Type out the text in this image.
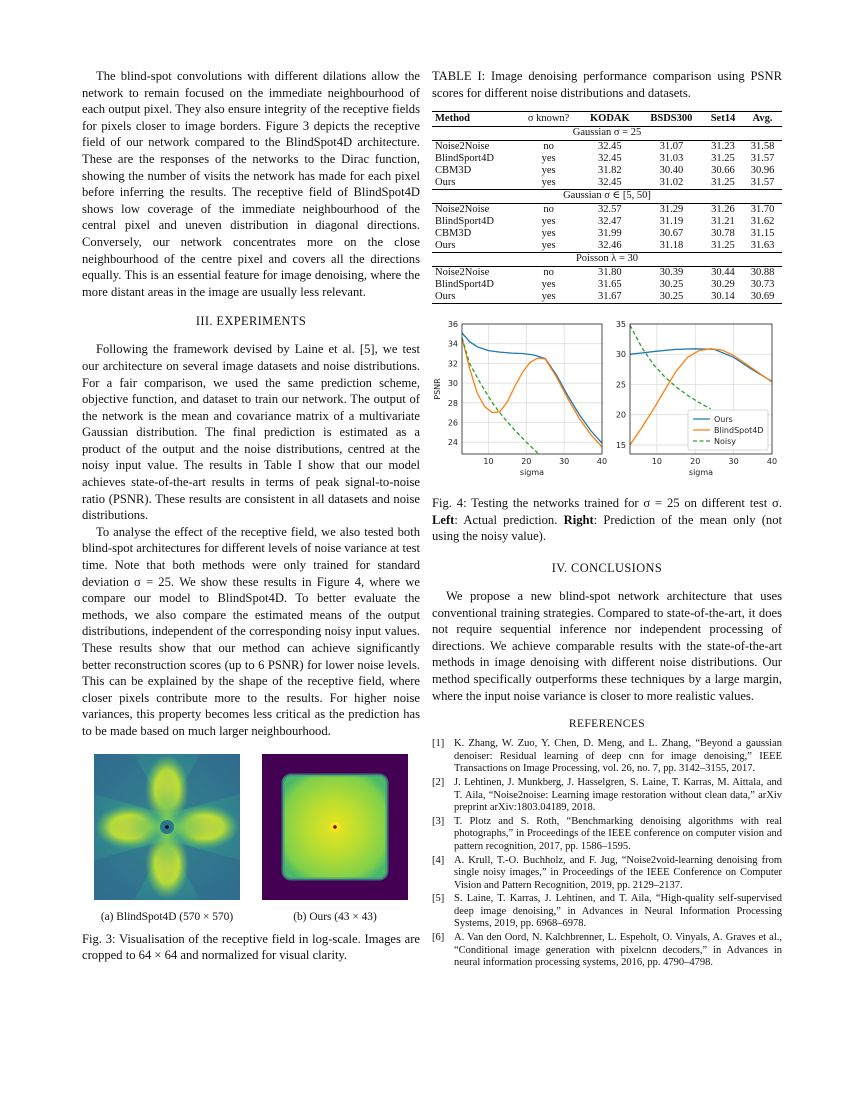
The blind-spot convolutions with different dilations allow the network to remain focused on the immediate neighbourhood of each output pixel. They also ensure integrity of the receptive fields for pixels closer to image borders. Figure 3 depicts the receptive field of our network compared to the BlindSpot4D architecture. These are the responses of the networks to the Dirac function, showing the number of visits the network has made for each pixel before inferring the results. The receptive field of BlindSpot4D shows low coverage of the immediate neighbourhood of the central pixel and uneven distribution in diagonal directions. Conversely, our network concentrates more on the close neighbourhood of the centre pixel and covers all the directions equally. This is an essential feature for image denoising, where the more distant areas in the image are usually less relevant.

III. EXPERIMENTS

Following the framework devised by Laine et al. [5], we test our architecture on several image datasets and noise distributions. For a fair comparison, we used the same prediction scheme, objective function, and dataset to train our network. The output of the network is the mean and covariance matrix of a multivariate Gaussian distribution. The final prediction is estimated as a product of the output and the noise distributions, centred at the noisy input value. The results in Table I show that our model achieves state-of-the-art results in terms of peak signal-to-noise ratio (PSNR). These results are consistent in all datasets and noise distributions.

To analyse the effect of the receptive field, we also tested both blind-spot architectures for different levels of noise variance at test time. Note that both methods were only trained for standard deviation σ = 25. We show these results in Figure 4, where we compare our model to BlindSpot4D. To better evaluate the methods, we also compare the estimated means of the output distributions, independent of the corresponding noisy input values. These results show that our method can achieve significantly better reconstruction scores (up to 6 PSNR) for lower noise levels. This can be explained by the shape of the receptive field, where closer pixels contribute more to the results. For higher noise variances, this property becomes less critical as the prediction has to be made based on much larger neighbourhood.

(a) BlindSpot4D (570 × 570)	(b) Ours (43 × 43)
Fig. 3: Visualisation of the receptive field in log-scale. Images are cropped to 64 × 64 and normalized for visual clarity.
TABLE I: Image denoising performance comparison using PSNR scores for different noise distributions and datasets.
Method	σ known?	KODAK	BSDS300	Set14	Avg.
Gaussian σ = 25					
Noise2Noise	no	32.45	31.07	31.23	31.58
BlindSport4D	yes	32.45	31.03	31.25	31.57
CBM3D	yes	31.82	30.40	30.66	30.96
Ours	yes	32.45	31.02	31.25	31.57
Gaussian σ ∈ [5, 50]					
Noise2Noise	no	32.57	31.29	31.26	31.70
BlindSport4D	yes	32.47	31.19	31.21	31.62
CBM3D	yes	31.99	30.67	30.78	31.15
Ours	yes	32.46	31.18	31.25	31.63
Poisson λ = 30					
Noise2Noise	no	31.80	30.39	30.44	30.88
BlindSport4D	yes	31.65	30.25	30.29	30.73
Ours	yes	31.67	30.25	30.14	30.69
10	20	30	40
24
26
28
30
32
34
36
sigma
PSNR
10	20	30	40
15
20
25
30
35
sigma
Ours
BlindSpot4D
Noisy
Fig. 4: Testing the networks trained for σ = 25 on different test σ. Left: Actual prediction. Right: Prediction of the mean only (not using the noisy value).
IV. CONCLUSIONS

We propose a new blind-spot network architecture that uses conventional training strategies. Compared to state-of-the-art, it does not require sequential inference nor independent processing of directions. We achieve comparable results with the state-of-the-art methods in image denoising with different noise distributions. Our method specifically outperforms these techniques by a large margin, where the input noise variance is closer to more realistic values.

REFERENCES
[1] K. Zhang, W. Zuo, Y. Chen, D. Meng, and L. Zhang, “Beyond a gaussian denoiser: Residual learning of deep cnn for image denoising,” IEEE Transactions on Image Processing, vol. 26, no. 7, pp. 3142–3155, 2017.
[2] J. Lehtinen, J. Munkberg, J. Hasselgren, S. Laine, T. Karras, M. Aittala, and T. Aila, “Noise2noise: Learning image restoration without clean data,” arXiv preprint arXiv:1803.04189, 2018.
[3] T. Plotz and S. Roth, “Benchmarking denoising algorithms with real photographs,” in Proceedings of the IEEE conference on computer vision and pattern recognition, 2017, pp. 1586–1595.
[4] A. Krull, T.-O. Buchholz, and F. Jug, “Noise2void-learning denoising from single noisy images,” in Proceedings of the IEEE Conference on Computer Vision and Pattern Recognition, 2019, pp. 2129–2137.
[5] S. Laine, T. Karras, J. Lehtinen, and T. Aila, “High-quality self-supervised deep image denoising,” in Advances in Neural Information Processing Systems, 2019, pp. 6968–6978.
[6] A. Van den Oord, N. Kalchbrenner, L. Espeholt, O. Vinyals, A. Graves et al., “Conditional image generation with pixelcnn decoders,” in Advances in neural information processing systems, 2016, pp. 4790–4798.
